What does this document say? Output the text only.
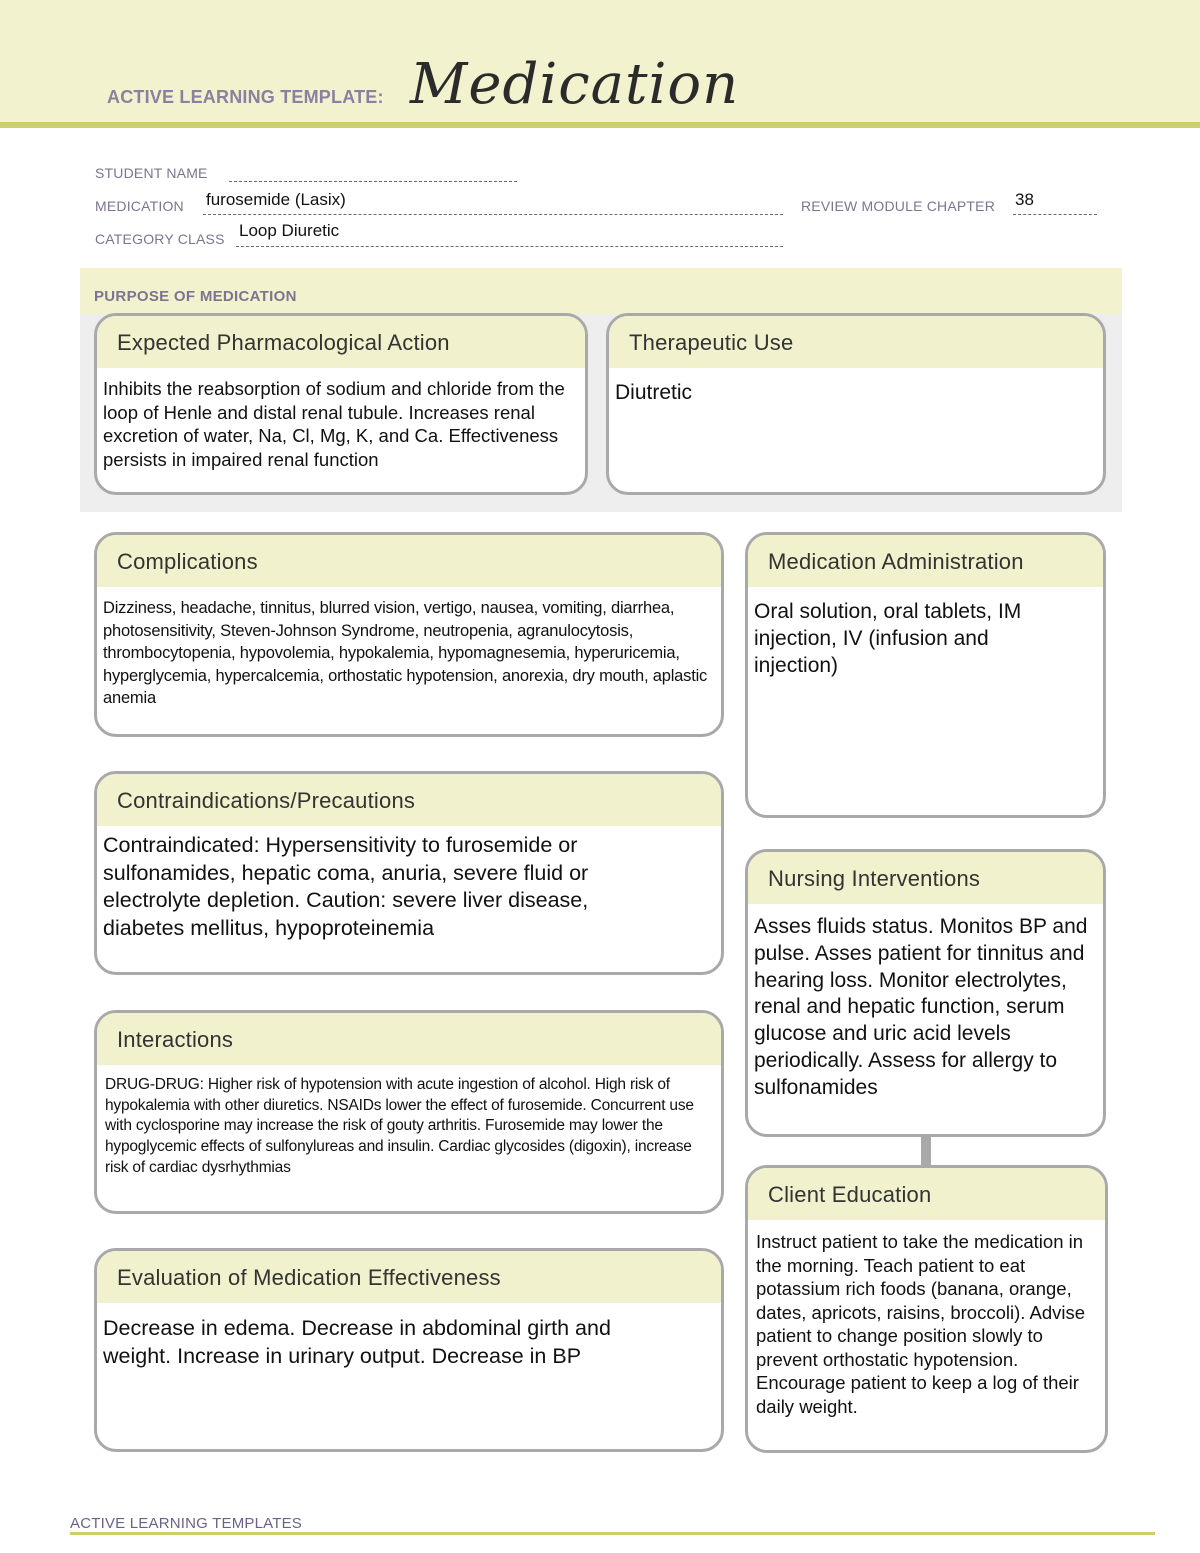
ACTIVE LEARNING TEMPLATE: Medication
STUDENT NAME
MEDICATION furosemide (Lasix)	REVIEW MODULE CHAPTER 38
CATEGORY CLASS Loop Diuretic
PURPOSE OF MEDICATION
Expected Pharmacological Action
Inhibits the reabsorption of sodium and chloride from the loop of Henle and distal renal tubule. Increases renal excretion of water, Na, Cl, Mg, K, and Ca. Effectiveness persists in impaired renal function
Therapeutic Use
Diutretic
Complications
Dizziness, headache, tinnitus, blurred vision, vertigo, nausea, vomiting, diarrhea, photosensitivity, Steven-Johnson Syndrome, neutropenia, agranulocytosis, thrombocytopenia, hypovolemia, hypokalemia, hypomagnesemia, hyperuricemia, hyperglycemia, hypercalcemia, orthostatic hypotension, anorexia, dry mouth, aplastic anemia
Medication Administration
Oral solution, oral tablets, IM injection, IV (infusion and injection)
Contraindications/Precautions
Contraindicated: Hypersensitivity to furosemide or sulfonamides, hepatic coma, anuria, severe fluid or electrolyte depletion. Caution: severe liver disease, diabetes mellitus, hypoproteinemia
Nursing Interventions
Asses fluids status. Monitos BP and pulse. Asses patient for tinnitus and hearing loss. Monitor electrolytes, renal and hepatic function, serum glucose and uric acid levels periodically. Assess for allergy to sulfonamides
Interactions
DRUG-DRUG: Higher risk of hypotension with acute ingestion of alcohol. High risk of hypokalemia with other diuretics. NSAIDs lower the effect of furosemide. Concurrent use with cyclosporine may increase the risk of gouty arthritis. Furosemide may lower the hypoglycemic effects of sulfonylureas and insulin. Cardiac glycosides (digoxin), increase risk of cardiac dysrhythmias
Client Education
Instruct patient to take the medication in the morning. Teach patient to eat potassium rich foods (banana, orange, dates, apricots, raisins, broccoli). Advise patient to change position slowly to prevent orthostatic hypotension. Encourage patient to keep a log of their daily weight.
Evaluation of Medication Effectiveness
Decrease in edema. Decrease in abdominal girth and weight. Increase in urinary output. Decrease in BP
ACTIVE LEARNING TEMPLATES
